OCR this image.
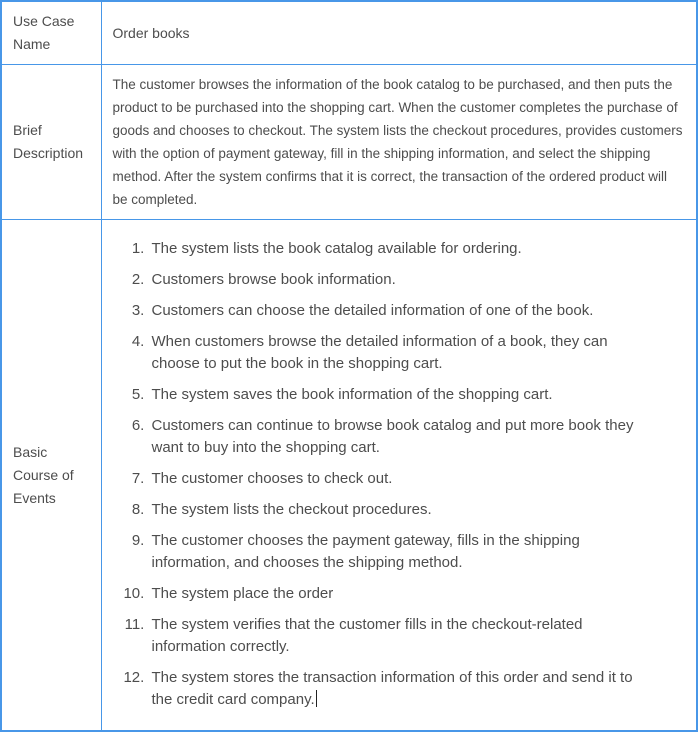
Use Case Name	Order books

Brief Description	The customer browses the information of the book catalog to be purchased, and then puts the product to be purchased into the shopping cart. When the customer completes the purchase of goods and chooses to checkout. The system lists the checkout procedures, provides customers with the option of payment gateway, fill in the shipping information, and select the shipping method. After the system confirms that it is correct, the transaction of the ordered product will be completed.

Basic Course of Events	
1. The system lists the book catalog available for ordering.
2. Customers browse book information.
3. Customers can choose the detailed information of one of the book.
4. When customers browse the detailed information of a book, they can choose to put the book in the shopping cart.
5. The system saves the book information of the shopping cart.
6. Customers can continue to browse book catalog and put more book they want to buy into the shopping cart.
7. The customer chooses to check out.
8. The system lists the checkout procedures.
9. The customer chooses the payment gateway, fills in the shipping information, and chooses the shipping method.
10. The system place the order
11. The system verifies that the customer fills in the checkout-related information correctly.
12. The system stores the transaction information of this order and send it to the credit card company.
